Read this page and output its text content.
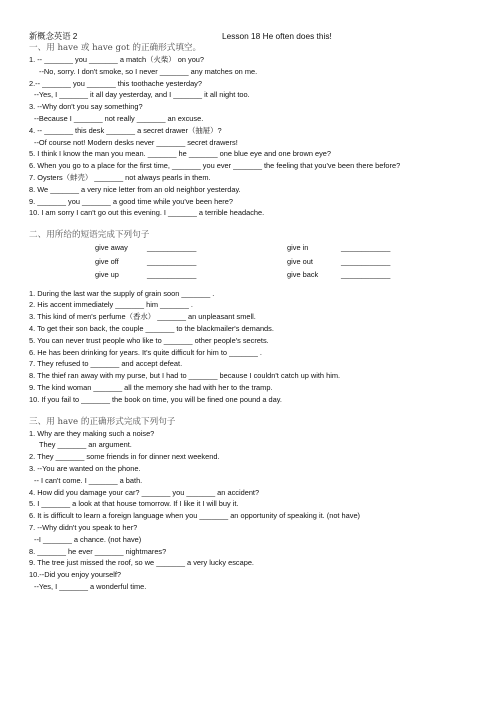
新概念英语 2	Lesson 18 He often does this!
一、用 have 或 have got 的正确形式填空。
1. -- _______ you _______ a match（火柴） on you?
--No, sorry. I don't smoke, so I never _______ any matches on me.
2.-- _______ you _______ this toothache yesterday?
--Yes, I _______ it all day yesterday, and I _______ it all night too.
3. --Why don't you say something?
--Because I _______ not really _______ an excuse.
4. -- _______ this desk _______ a secret drawer（抽屉）?
--Of course not! Modern desks never _______ secret drawers!
5. I think I know the man you mean. _______ he _______ one blue eye and one brown eye?
6. When you go to a place for the first time, _______ you ever _______ the feeling that you've been there before?
7. Oysters（蚌壳） _______ not always pearls in them.
8. We _______ a very nice letter from an old neighbor yesterday.
9. _______ you _______ a good time while you've been here?
10. I am sorry I can't go out this evening. I _______ a terrible headache.
二、用所给的短语完成下列句子
give away	____________	give in	____________
give off	____________	give out	____________
give up	____________	give back	____________
1. During the last war the supply of grain soon _______ .
2. His accent immediately _______ him _______ .
3. This kind of men's perfume（香水） _______ an unpleasant smell.
4. To get their son back, the couple _______ to the blackmailer's demands.
5. You can never trust people who like to _______ other people's secrets.
6. He has been drinking for years. It's quite difficult for him to _______ .
7. They refused to _______ and accept defeat.
8. The thief ran away with my purse, but I had to _______ because I couldn't catch up with him.
9. The kind woman _______ all the memory she had with her to the tramp.
10. If you fail to _______ the book on time, you will be fined one pound a day.
三、用 have 的正确形式完成下列句子
1. Why are they making such a noise?
They _______ an argument.
2. They _______ some friends in for dinner next weekend.
3. --You are wanted on the phone.
-- I can't come. I _______ a bath.
4. How did you damage your car? _______ you _______ an accident?
5. I _______ a look at that house tomorrow. If I like it I will buy it.
6. It is difficult to learn a foreign language when you _______ an opportunity of speaking it. (not have)
7. --Why didn't you speak to her?
--I _______ a chance. (not have)
8. _______ he ever _______ nightmares?
9. The tree just missed the roof, so we _______ a very lucky escape.
10.--Did you enjoy yourself?
--Yes, I _______ a wonderful time.
